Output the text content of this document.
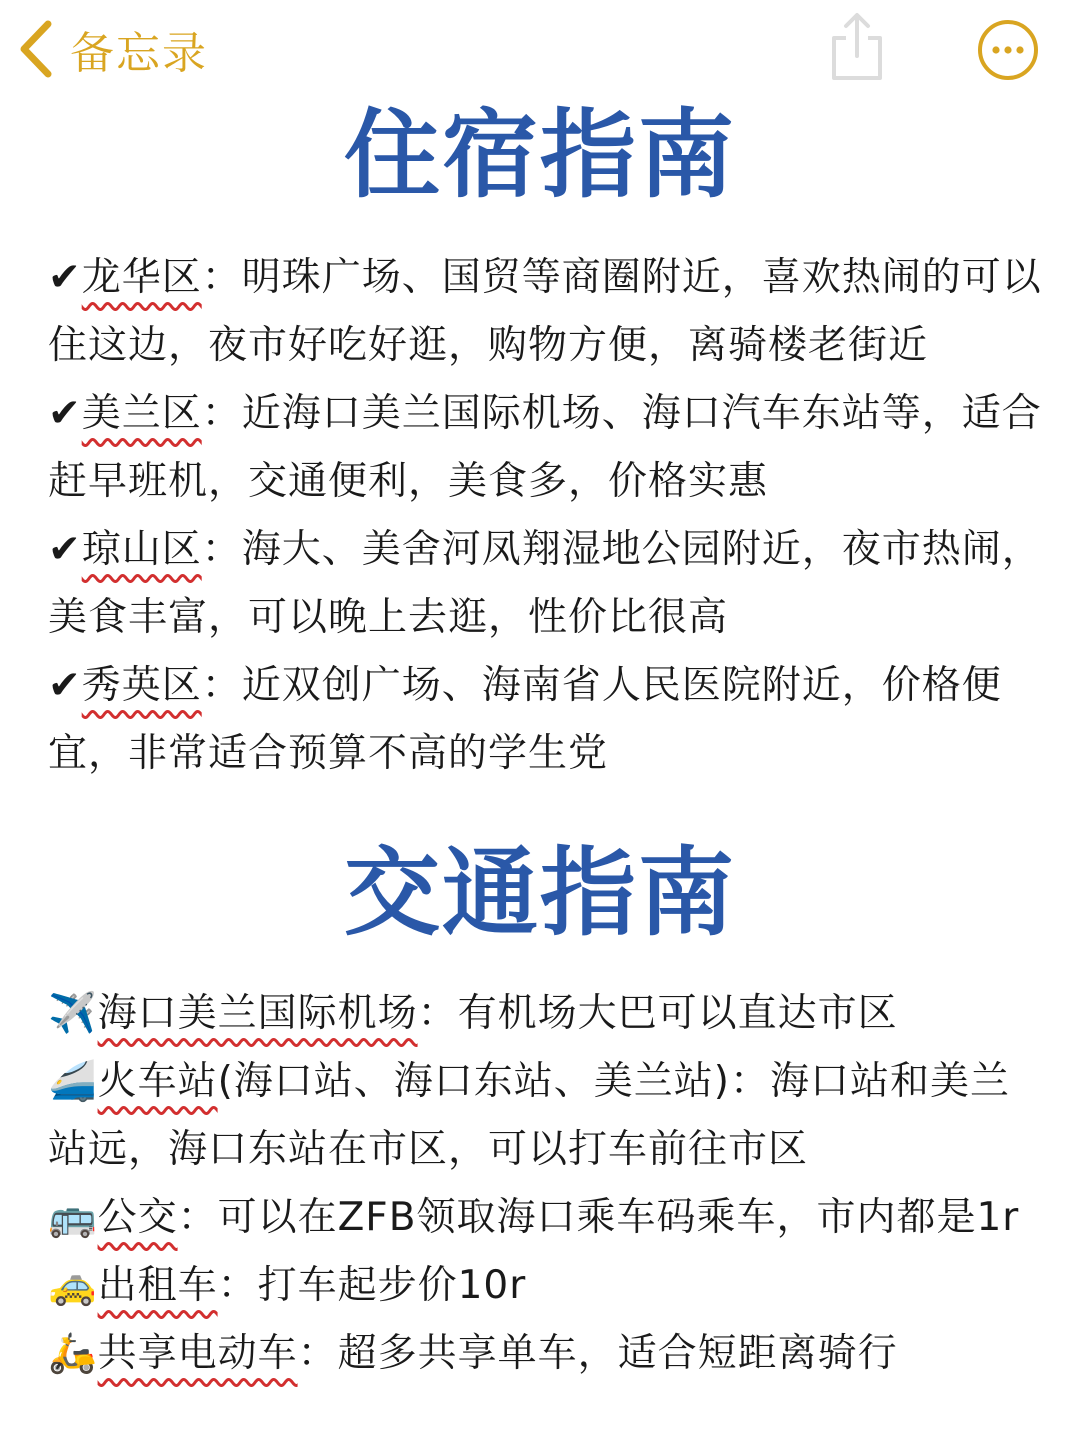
备忘录
住宿指南

✔龙华区：明珠广场、国贸等商圈附近，喜欢热闹的可以住这边，夜市好吃好逛，购物方便，离骑楼老街近

✔美兰区：近海口美兰国际机场、海口汽车东站等，适合赶早班机，交通便利，美食多，价格实惠

✔琼山区：海大、美舍河凤翔湿地公园附近，夜市热闹，美食丰富，可以晚上去逛，性价比很高

✔秀英区：近双创广场、海南省人民医院附近，价格便宜，非常适合预算不高的学生党

交通指南

✈️海口美兰国际机场：有机场大巴可以直达市区

🚄火车站(海口站、海口东站、美兰站)：海口站和美兰站远，海口东站在市区，可以打车前往市区

🚌公交：可以在ZFB领取海口乘车码乘车，市内都是1r

🚕出租车：打车起步价10r

🛵共享电动车：超多共享单车，适合短距离骑行
